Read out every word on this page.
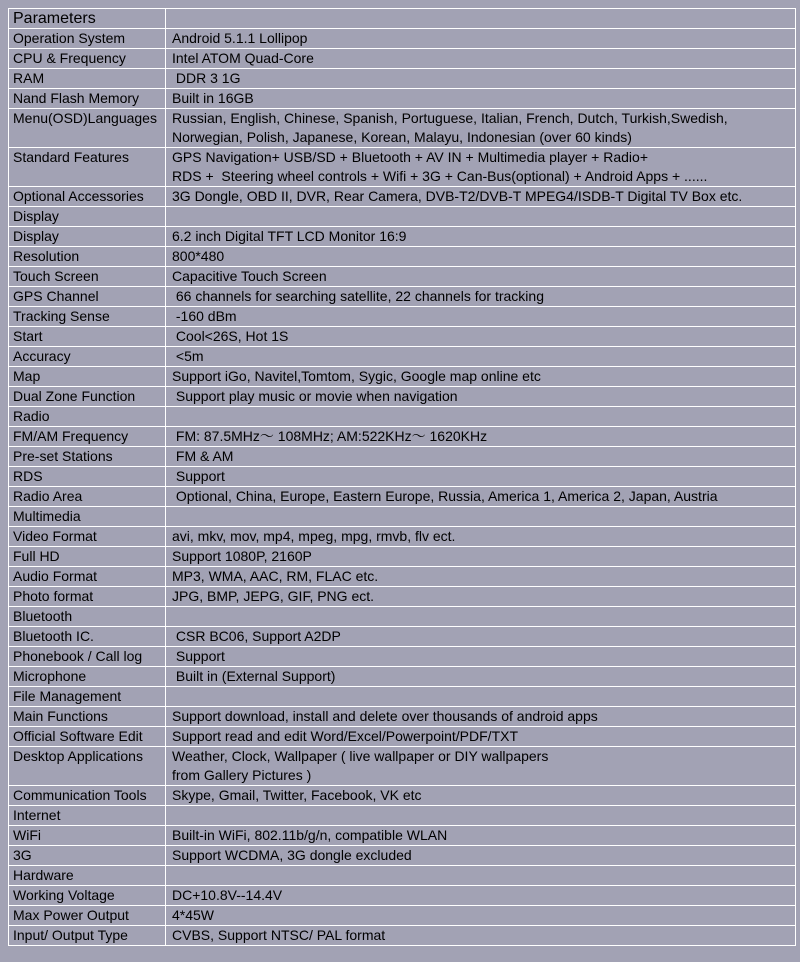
Parameters	
Operation System	Android 5.1.1 Lollipop

CPU & Frequency	Intel ATOM Quad-Core

RAM	DDR 3 1G

Nand Flash Memory	Built in 16GB

Menu(OSD)Languages	Russian, English, Chinese, Spanish, Portuguese, Italian, French, Dutch, Turkish,Swedish,
Norwegian, Polish, Japanese, Korean, Malayu, Indonesian (over 60 kinds)

Standard Features	GPS Navigation+ USB/SD + Bluetooth + AV IN + Multimedia player + Radio+
RDS +  Steering wheel controls + Wifi + 3G + Can-Bus(optional) + Android Apps + ......

Optional Accessories	3G Dongle, OBD II, DVR, Rear Camera, DVB-T2/DVB-T MPEG4/ISDB-T Digital TV Box etc.

Display	
Display	6.2 inch Digital TFT LCD Monitor 16:9

Resolution	800*480

Touch Screen	Capacitive Touch Screen

GPS Channel	66 channels for searching satellite, 22 channels for tracking

Tracking Sense	-160 dBm

Start	Cool<26S, Hot 1S

Accuracy	<5m

Map	Support iGo, Navitel,Tomtom, Sygic, Google map online etc

Dual Zone Function	Support play music or movie when navigation

Radio	
FM/AM Frequency	FM: 87.5MHz～ 108MHz; AM:522KHz～ 1620KHz

Pre-set Stations	FM & AM

RDS	Support

Radio Area	Optional, China, Europe, Eastern Europe, Russia, America 1, America 2, Japan, Austria

Multimedia	
Video Format	avi, mkv, mov, mp4, mpeg, mpg, rmvb, flv ect.

Full HD	Support 1080P, 2160P

Audio Format	MP3, WMA, AAC, RM, FLAC etc.

Photo format	JPG, BMP, JEPG, GIF, PNG ect.

Bluetooth	
Bluetooth IC.	CSR BC06, Support A2DP

Phonebook / Call log	Support

Microphone	Built in (External Support)

File Management	
Main Functions	Support download, install and delete over thousands of android apps

Official Software Edit	Support read and edit Word/Excel/Powerpoint/PDF/TXT

Desktop Applications	Weather, Clock, Wallpaper ( live wallpaper or DIY wallpapers
from Gallery Pictures )

Communication Tools	Skype, Gmail, Twitter, Facebook, VK etc

Internet	
WiFi	Built-in WiFi, 802.11b/g/n, compatible WLAN

3G	Support WCDMA, 3G dongle excluded

Hardware	
Working Voltage	DC+10.8V--14.4V

Max Power Output	4*45W

Input/ Output Type	CVBS, Support NTSC/ PAL format
